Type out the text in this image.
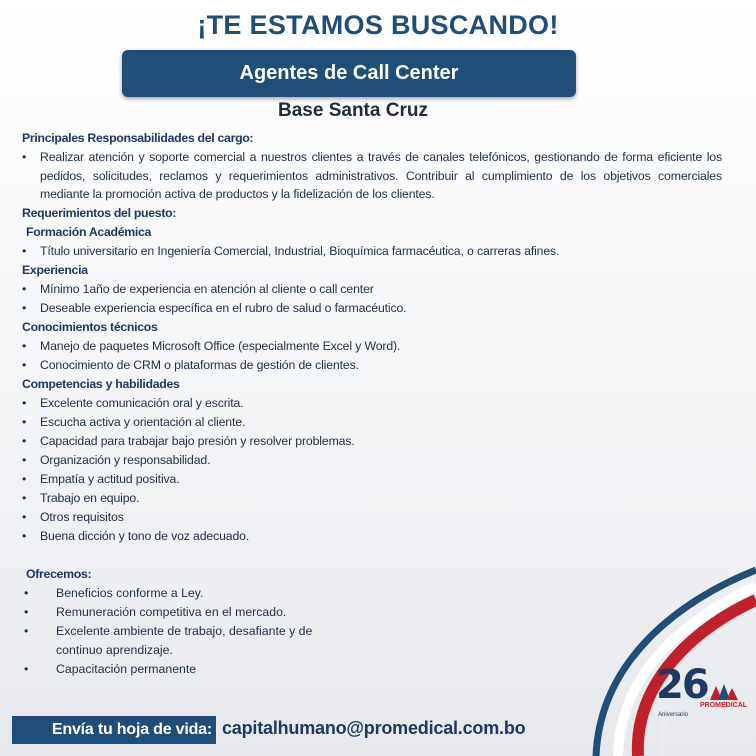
¡TE ESTAMOS BUSCANDO!
Agentes de Call Center
Base Santa Cruz
Principales Responsabilidades del cargo:
• Realizar atención y soporte comercial a nuestros clientes a través de canales telefónicos, gestionando de forma eficiente los pedidos, solicitudes, reclamos y requerimientos administrativos. Contribuir al cumplimiento de los objetivos comerciales mediante la promoción activa de productos y la fidelización de los clientes.
Requerimientos del puesto:
Formación Académica
• Título universitario en Ingeniería Comercial, Industrial, Bioquímica farmacéutica, o carreras afines.
Experiencia
• Mínimo 1año de experiencia en atención al cliente o call center
• Deseable experiencia específica en el rubro de salud o farmacéutico.
Conocimientos técnicos
• Manejo de paquetes Microsoft Office (especialmente Excel y Word).
• Conocimiento de CRM o plataformas de gestión de clientes.
Competencias y habilidades
• Excelente comunicación oral y escrita.
• Escucha activa y orientación al cliente.
• Capacidad para trabajar bajo presión y resolver problemas.
• Organización y responsabilidad.
• Empatía y actitud positiva.
• Trabajo en equipo.
• Otros requisitos
• Buena dicción y tono de voz adecuado.
Ofrecemos:
• Beneficios conforme a Ley.
• Remuneración competitiva en el mercado.
• Excelente ambiente de trabajo, desafiante y de continuo aprendizaje.
• Capacitación permanente
Envía tu hoja de vida: capitalhumano@promedical.com.bo
26
PROMEDICAL
Aniversario
